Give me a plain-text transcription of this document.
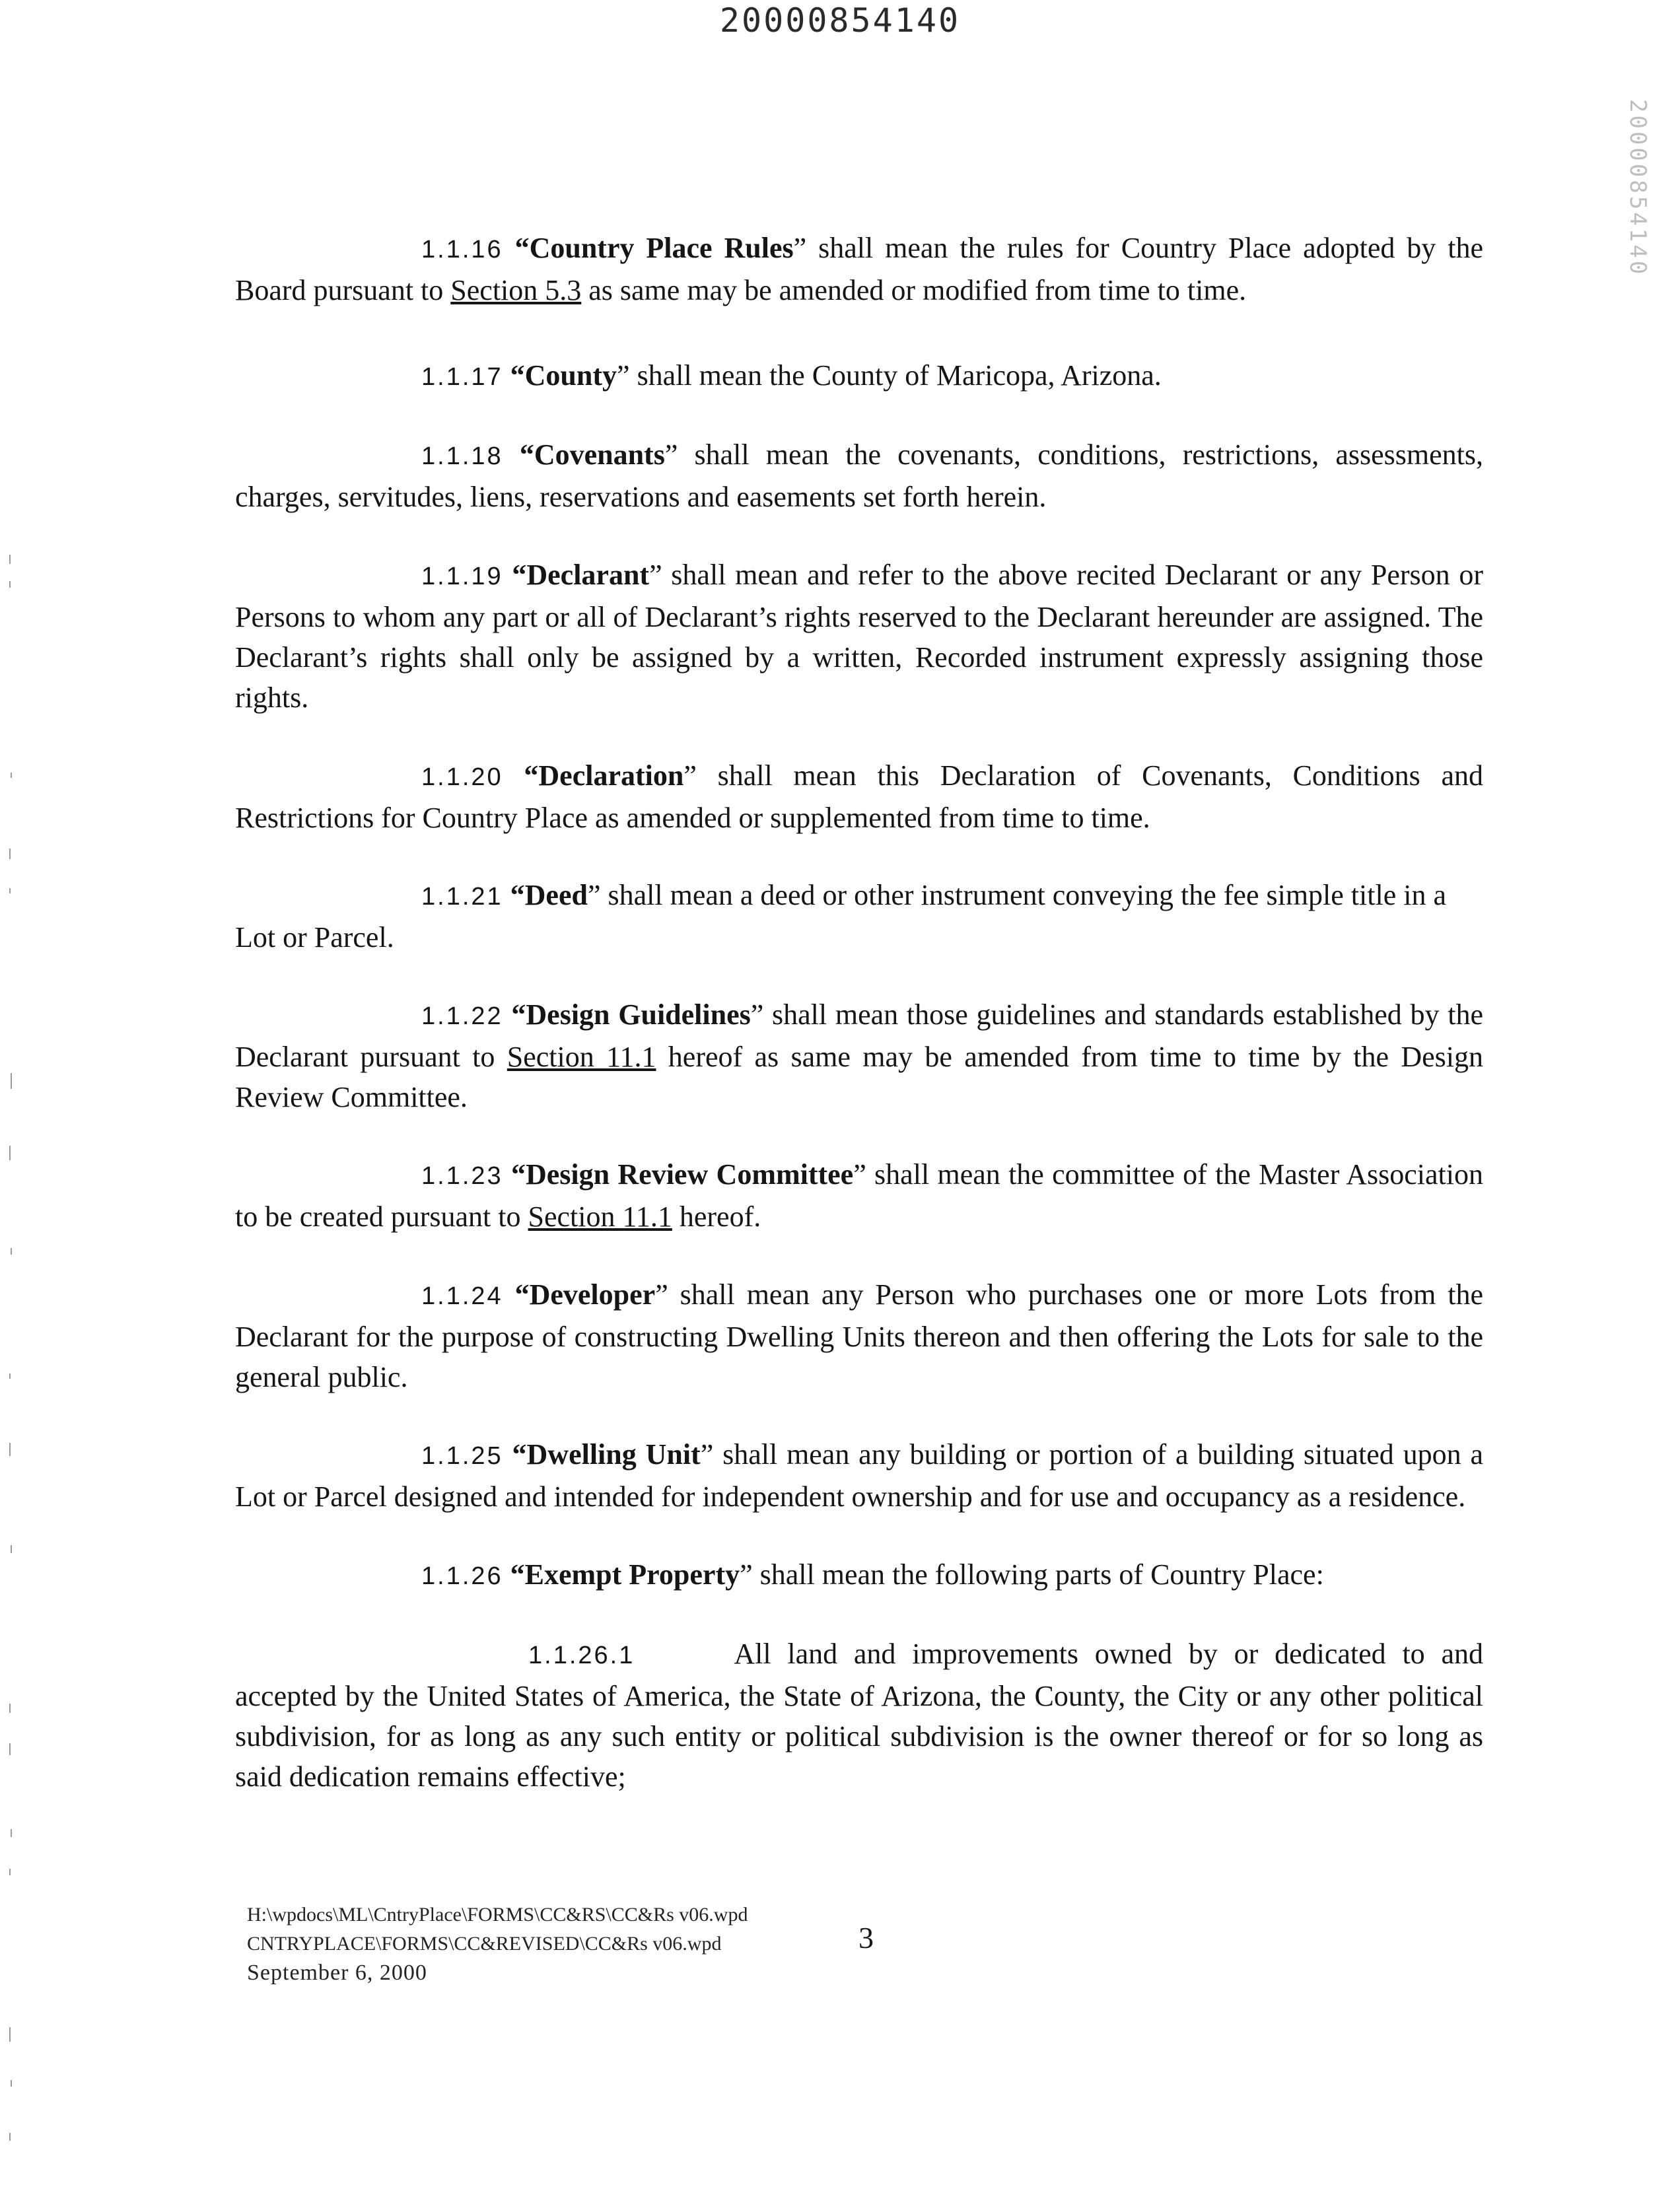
20000854140
20000854140
1.1.16 “Country Place Rules” shall mean the rules for Country Place adopted by the Board pursuant to Section 5.3 as same may be amended or modified from time to time.
1.1.17 “County” shall mean the County of Maricopa, Arizona.
1.1.18 “Covenants” shall mean the covenants, conditions, restrictions, assessments, charges, servitudes, liens, reservations and easements set forth herein.
1.1.19 “Declarant” shall mean and refer to the above recited Declarant or any Person or Persons to whom any part or all of Declarant’s rights reserved to the Declarant hereunder are assigned. The Declarant’s rights shall only be assigned by a written, Recorded instrument expressly assigning those rights.
1.1.20 “Declaration” shall mean this Declaration of Covenants, Conditions and Restrictions for Country Place as amended or supplemented from time to time.
1.1.21 “Deed” shall mean a deed or other instrument conveying the fee simple title in a
Lot or Parcel.
1.1.22 “Design Guidelines” shall mean those guidelines and standards established by the Declarant pursuant to Section 11.1 hereof as same may be amended from time to time by the Design Review Committee.
1.1.23 “Design Review Committee” shall mean the committee of the Master Association to be created pursuant to Section 11.1 hereof.
1.1.24 “Developer” shall mean any Person who purchases one or more Lots from the Declarant for the purpose of constructing Dwelling Units thereon and then offering the Lots for sale to the general public.
1.1.25 “Dwelling Unit” shall mean any building or portion of a building situated upon a Lot or Parcel designed and intended for independent ownership and for use and occupancy as a residence.
1.1.26 “Exempt Property” shall mean the following parts of Country Place:
1.1.26.1	All land and improvements owned by or dedicated to and accepted by the United States of America, the State of Arizona, the County, the City or any other political subdivision, for as long as any such entity or political subdivision is the owner thereof or for so long as said dedication remains effective;
H:\wpdocs\ML\CntryPlace\FORMS\CC&RS\CC&Rs v06.wpd
CNTRYPLACE\FORMS\CC&REVISED\CC&Rs v06.wpd
September 6, 2000
3
